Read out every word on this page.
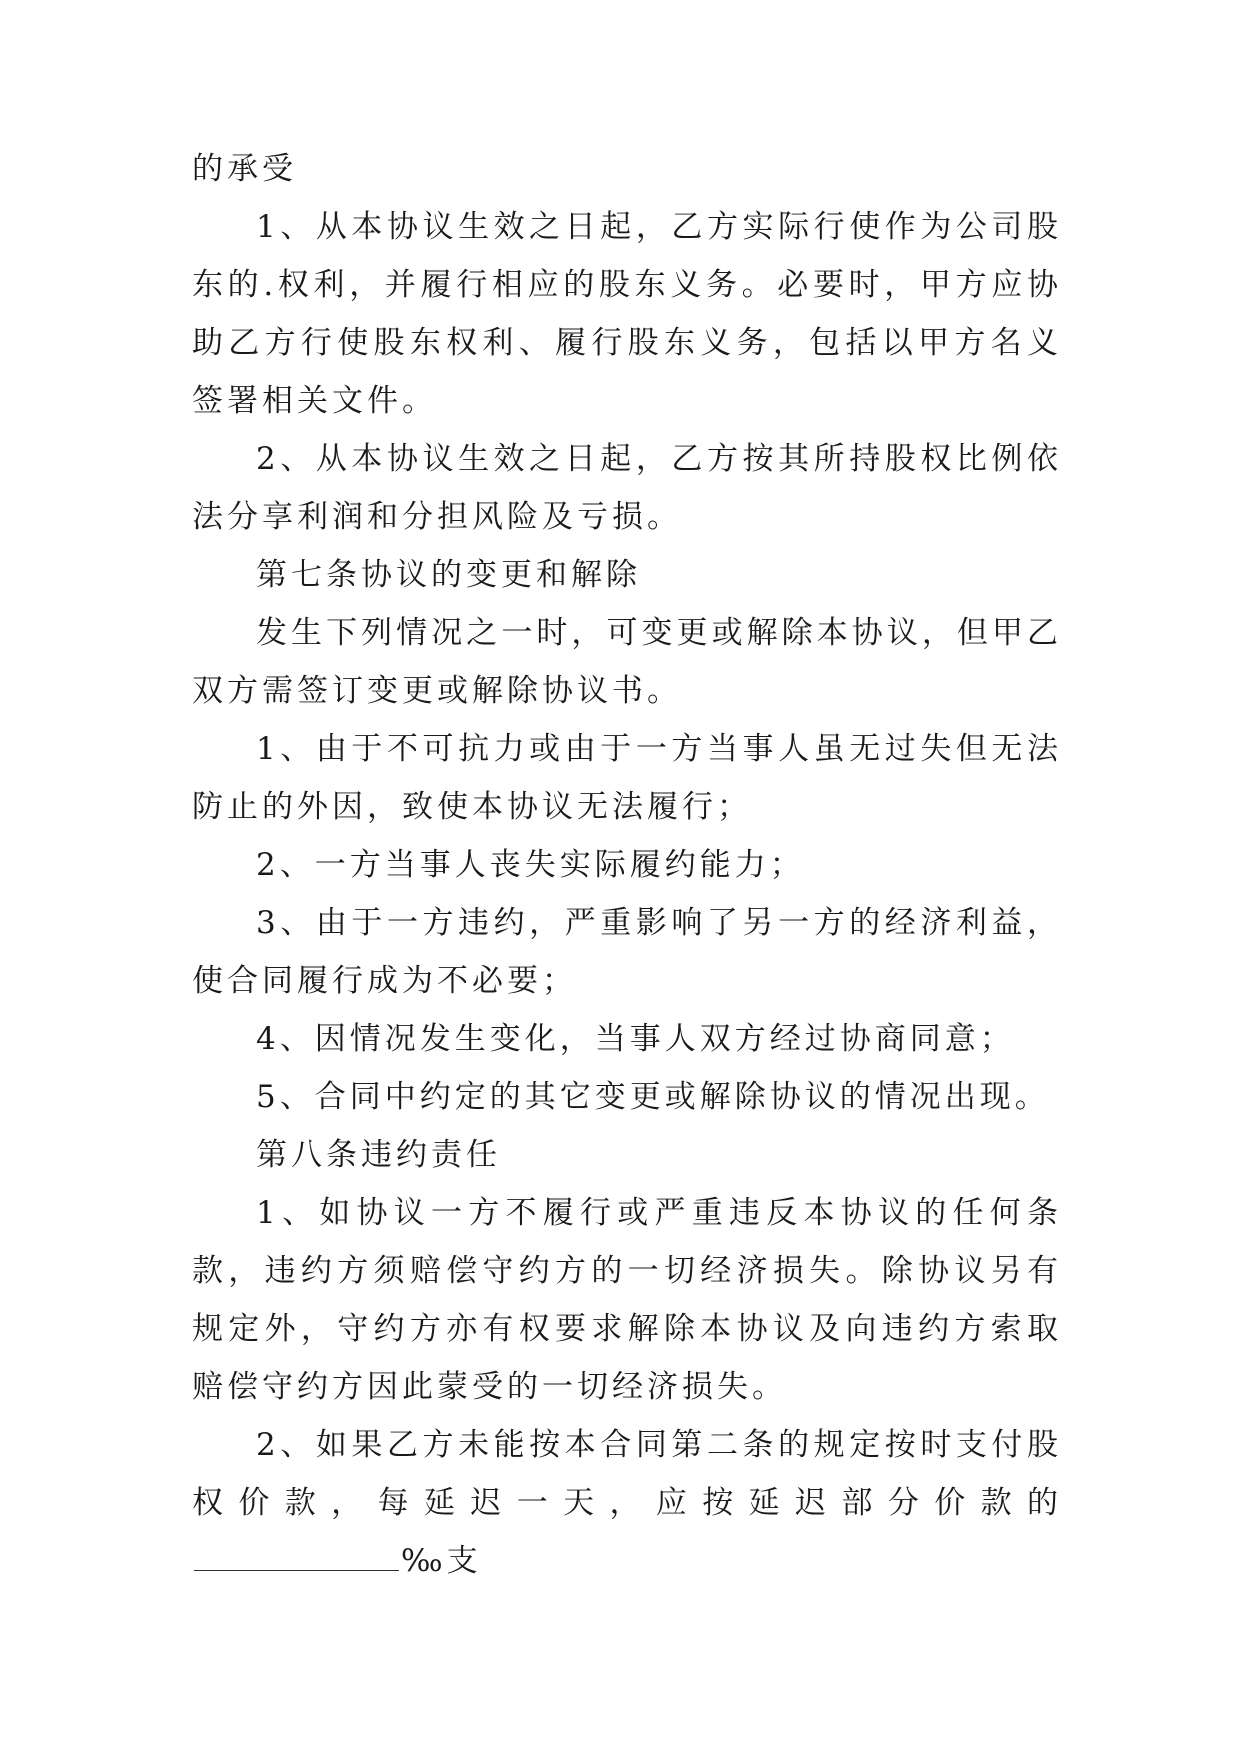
的承受

1、从本协议生效之日起，乙方实际行使作为公司股东的.权利，并履行相应的股东义务。必要时，甲方应协助乙方行使股东权利、履行股东义务，包括以甲方名义签署相关文件。

2、从本协议生效之日起，乙方按其所持股权比例依法分享利润和分担风险及亏损。

第七条协议的变更和解除

发生下列情况之一时，可变更或解除本协议，但甲乙双方需签订变更或解除协议书。

1、由于不可抗力或由于一方当事人虽无过失但无法防止的外因，致使本协议无法履行；

2、一方当事人丧失实际履约能力；

3、由于一方违约，严重影响了另一方的经济利益，使合同履行成为不必要；

4、因情况发生变化，当事人双方经过协商同意；

5、合同中约定的其它变更或解除协议的情况出现。

第八条违约责任

1、如协议一方不履行或严重违反本协议的任何条款，违约方须赔偿守约方的一切经济损失。除协议另有规定外，守约方亦有权要求解除本协议及向违约方索取赔偿守约方因此蒙受的一切经济损失。

2、如果乙方未能按本合同第二条的规定按时支付股权价款，每延迟一天，应按延迟部分价款的‰支
